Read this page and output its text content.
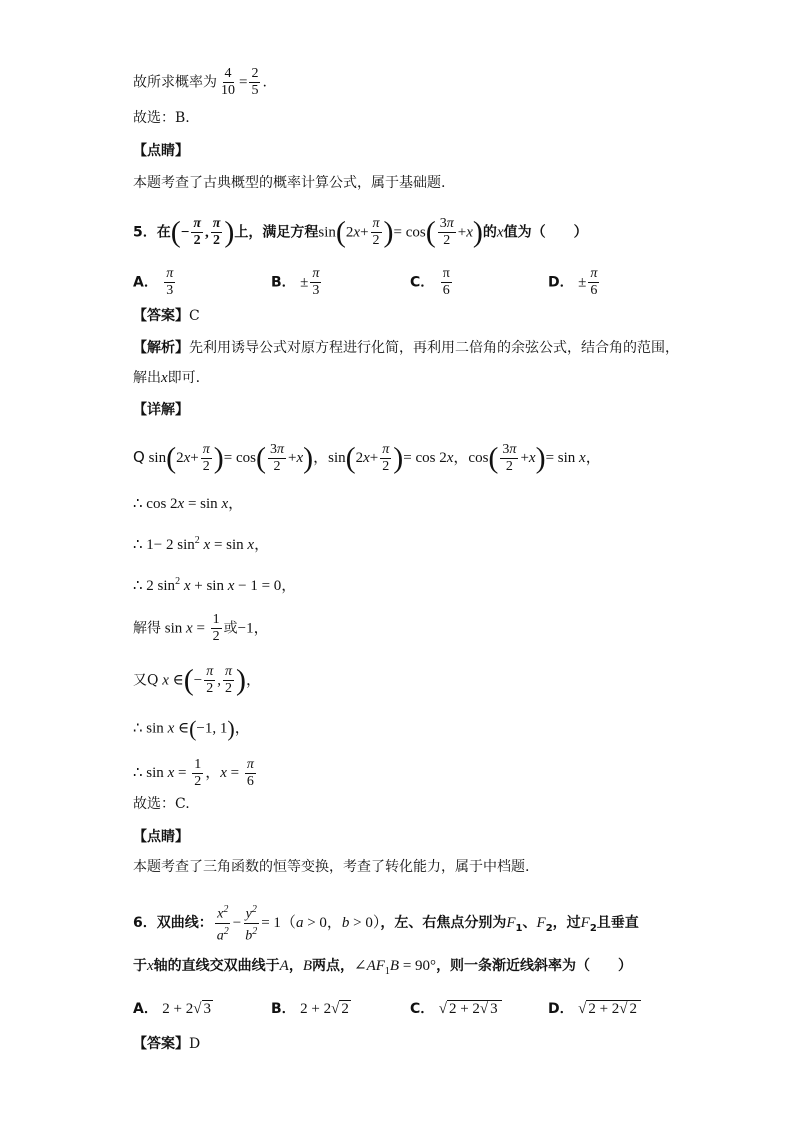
故所求概率为 $\frac{4}{10} = \frac{2}{5}$ .
故选：B.
【点睛】
本题考查了古典概型的概率计算公式，属于基础题.
5．在(− $\frac{\pi}{2}$ , $\frac{\pi}{2}$ )上，满足方程$\sin(2x+ \frac{\pi}{2}$ )= $\cos( \frac{3\pi}{2} +x)$的x值为（　　）
A． $\frac{\pi}{3}$	B． ± $\frac{\pi}{3}$	C． $\frac{\pi}{6}$	D． ± $\frac{\pi}{6}$
【答案】C
【解析】先利用诱导公式对原方程进行化简，再利用二倍角的余弦公式，结合角的范围，
解出x即可.
【详解】
Q $\sin(2x+ \frac{\pi}{2}$ )= $\cos( \frac{3\pi}{2} +x)$，$\sin(2x+ \frac{\pi}{2}$ )= cos 2x，$\cos( \frac{3\pi}{2} +x)= \sin x$，
∴ cos 2x = sin x，
∴ 1− 2 $\sin^2 x = \sin x$，
∴ 2 $\sin^2 x + \sin x - 1 = 0$，
解得 $\sin x = \frac{1}{2}$ 或−1，
又Q x ∈(− $\frac{\pi}{2}$ , $\frac{\pi}{2}$ )，
∴ sin x ∈(−1, 1)，
∴ $\sin x = \frac{1}{2}$ ，$x = \frac{\pi}{6}$
故选：C.
【点睛】
本题考查了三角函数的恒等变换，考查了转化能力，属于中档题.
6．双曲线： $\frac{x^2}{a^2} - \frac{y^2}{b^2} = 1(a > 0$，b > 0），左、右焦点分别为$F_1$、$F_2$，过$F_2$且垂直
于x轴的直线交双曲线于A，B两点，$\angle AF_1B = 90^\circ$，则一条渐近线斜率为（　　）
A． 2 + 2√ 3	B． 2 + 2√ 2	C． √ 2 + 2√ 3	D． √ 2 + 2√ 2
【答案】D
